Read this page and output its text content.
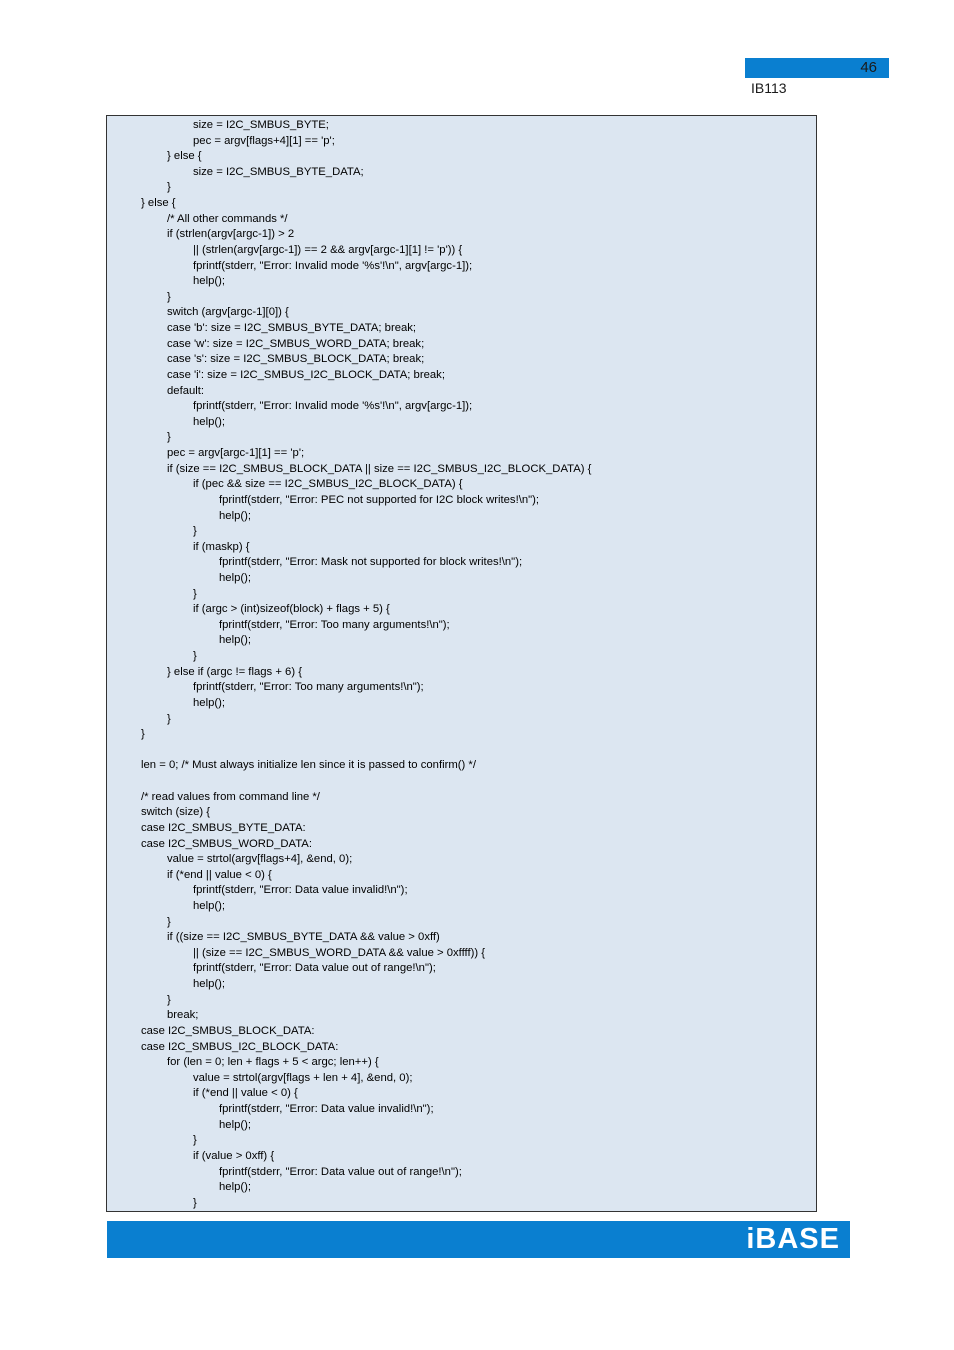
46
IB113
size = I2C_SMBUS_BYTE;
pec = argv[flags+4][1] == 'p';
} else {
size = I2C_SMBUS_BYTE_DATA;
}
} else {
/* All other commands */
if (strlen(argv[argc-1]) > 2
|| (strlen(argv[argc-1]) == 2 && argv[argc-1][1] != 'p')) {
fprintf(stderr, "Error: Invalid mode '%s'!\n", argv[argc-1]);
help();
}
switch (argv[argc-1][0]) {
case 'b': size = I2C_SMBUS_BYTE_DATA; break;
case 'w': size = I2C_SMBUS_WORD_DATA; break;
case 's': size = I2C_SMBUS_BLOCK_DATA; break;
case 'i': size = I2C_SMBUS_I2C_BLOCK_DATA; break;
default:
fprintf(stderr, "Error: Invalid mode '%s'!\n", argv[argc-1]);
help();
}
pec = argv[argc-1][1] == 'p';
if (size == I2C_SMBUS_BLOCK_DATA || size == I2C_SMBUS_I2C_BLOCK_DATA) {
if (pec && size == I2C_SMBUS_I2C_BLOCK_DATA) {
fprintf(stderr, "Error: PEC not supported for I2C block writes!\n");
help();
}
if (maskp) {
fprintf(stderr, "Error: Mask not supported for block writes!\n");
help();
}
if (argc > (int)sizeof(block) + flags + 5) {
fprintf(stderr, "Error: Too many arguments!\n");
help();
}
} else if (argc != flags + 6) {
fprintf(stderr, "Error: Too many arguments!\n");
help();
}
}
len = 0; /* Must always initialize len since it is passed to confirm() */
/* read values from command line */
switch (size) {
case I2C_SMBUS_BYTE_DATA:
case I2C_SMBUS_WORD_DATA:
value = strtol(argv[flags+4], &end, 0);
if (*end || value < 0) {
fprintf(stderr, "Error: Data value invalid!\n");
help();
}
if ((size == I2C_SMBUS_BYTE_DATA && value > 0xff)
|| (size == I2C_SMBUS_WORD_DATA && value > 0xffff)) {
fprintf(stderr, "Error: Data value out of range!\n");
help();
}
break;
case I2C_SMBUS_BLOCK_DATA:
case I2C_SMBUS_I2C_BLOCK_DATA:
for (len = 0; len + flags + 5 < argc; len++) {
value = strtol(argv[flags + len + 4], &end, 0);
if (*end || value < 0) {
fprintf(stderr, "Error: Data value invalid!\n");
help();
}
if (value > 0xff) {
fprintf(stderr, "Error: Data value out of range!\n");
help();
}
iBASE
